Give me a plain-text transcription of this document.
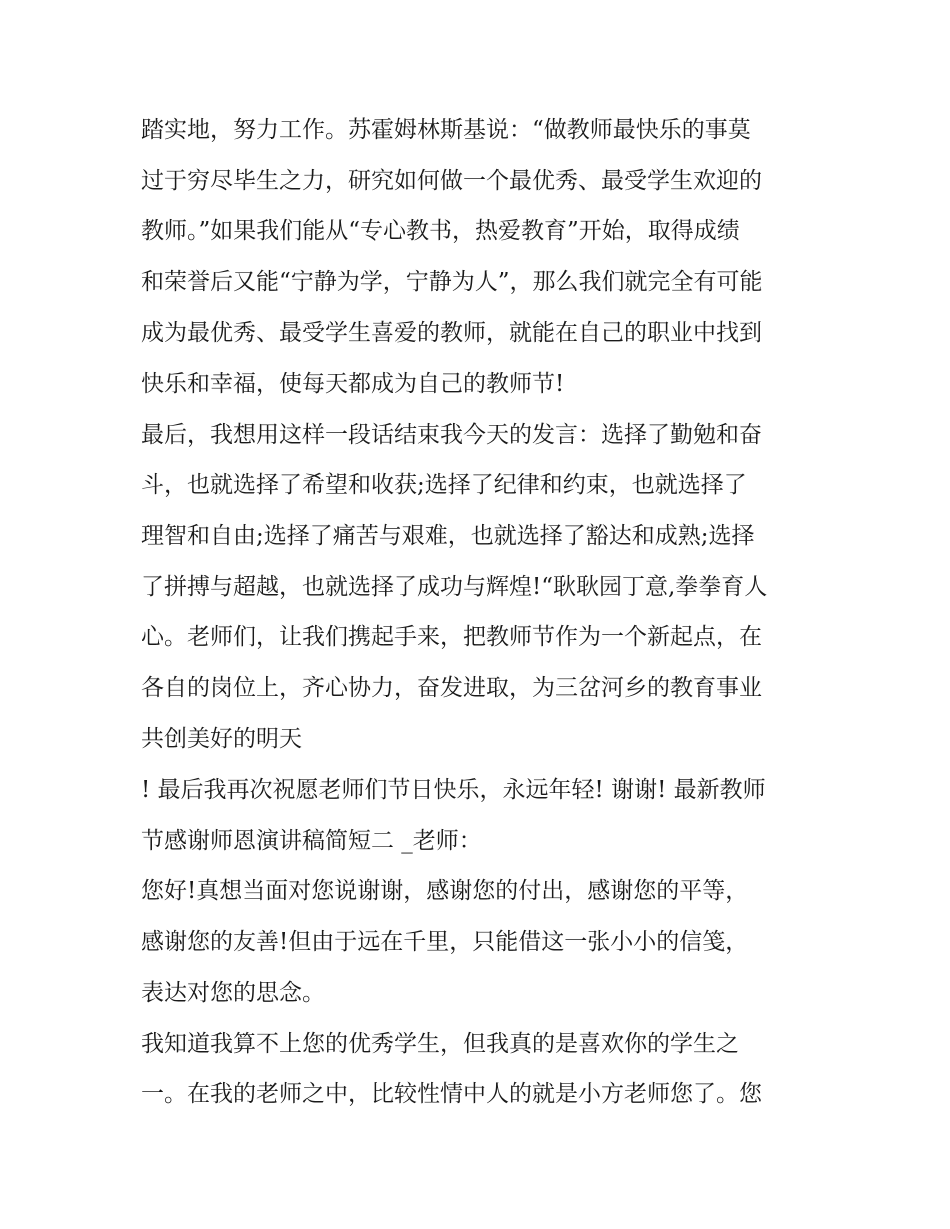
踏实地，努力工作。苏霍姆林斯基说：“做教师最快乐的事莫
过于穷尽毕生之力，研究如何做一个最优秀、最受学生欢迎的
教师。”如果我们能从“专心教书，热爱教育”开始，取得成绩
和荣誉后又能“宁静为学，宁静为人”，那么我们就完全有可能
成为最优秀、最受学生喜爱的教师，就能在自己的职业中找到
快乐和幸福，使每天都成为自己的教师节!
最后，我想用这样一段话结束我今天的发言：选择了勤勉和奋
斗，也就选择了希望和收获;选择了纪律和约束，也就选择了
理智和自由;选择了痛苦与艰难，也就选择了豁达和成熟;选择
了拼搏与超越，也就选择了成功与辉煌!“耿耿园丁意,拳拳育人
心。老师们，让我们携起手来，把教师节作为一个新起点，在
各自的岗位上，齐心协力，奋发进取，为三岔河乡的教育事业
共创美好的明天
! 最后我再次祝愿老师们节日快乐，永远年轻! 谢谢! 最新教师
节感谢师恩演讲稿简短二 _老师：
您好!真想当面对您说谢谢，感谢您的付出，感谢您的平等，
感谢您的友善!但由于远在千里，只能借这一张小小的信笺，
表达对您的思念。
我知道我算不上您的优秀学生，但我真的是喜欢你的学生之
一。在我的老师之中，比较性情中人的就是小方老师您了。您
